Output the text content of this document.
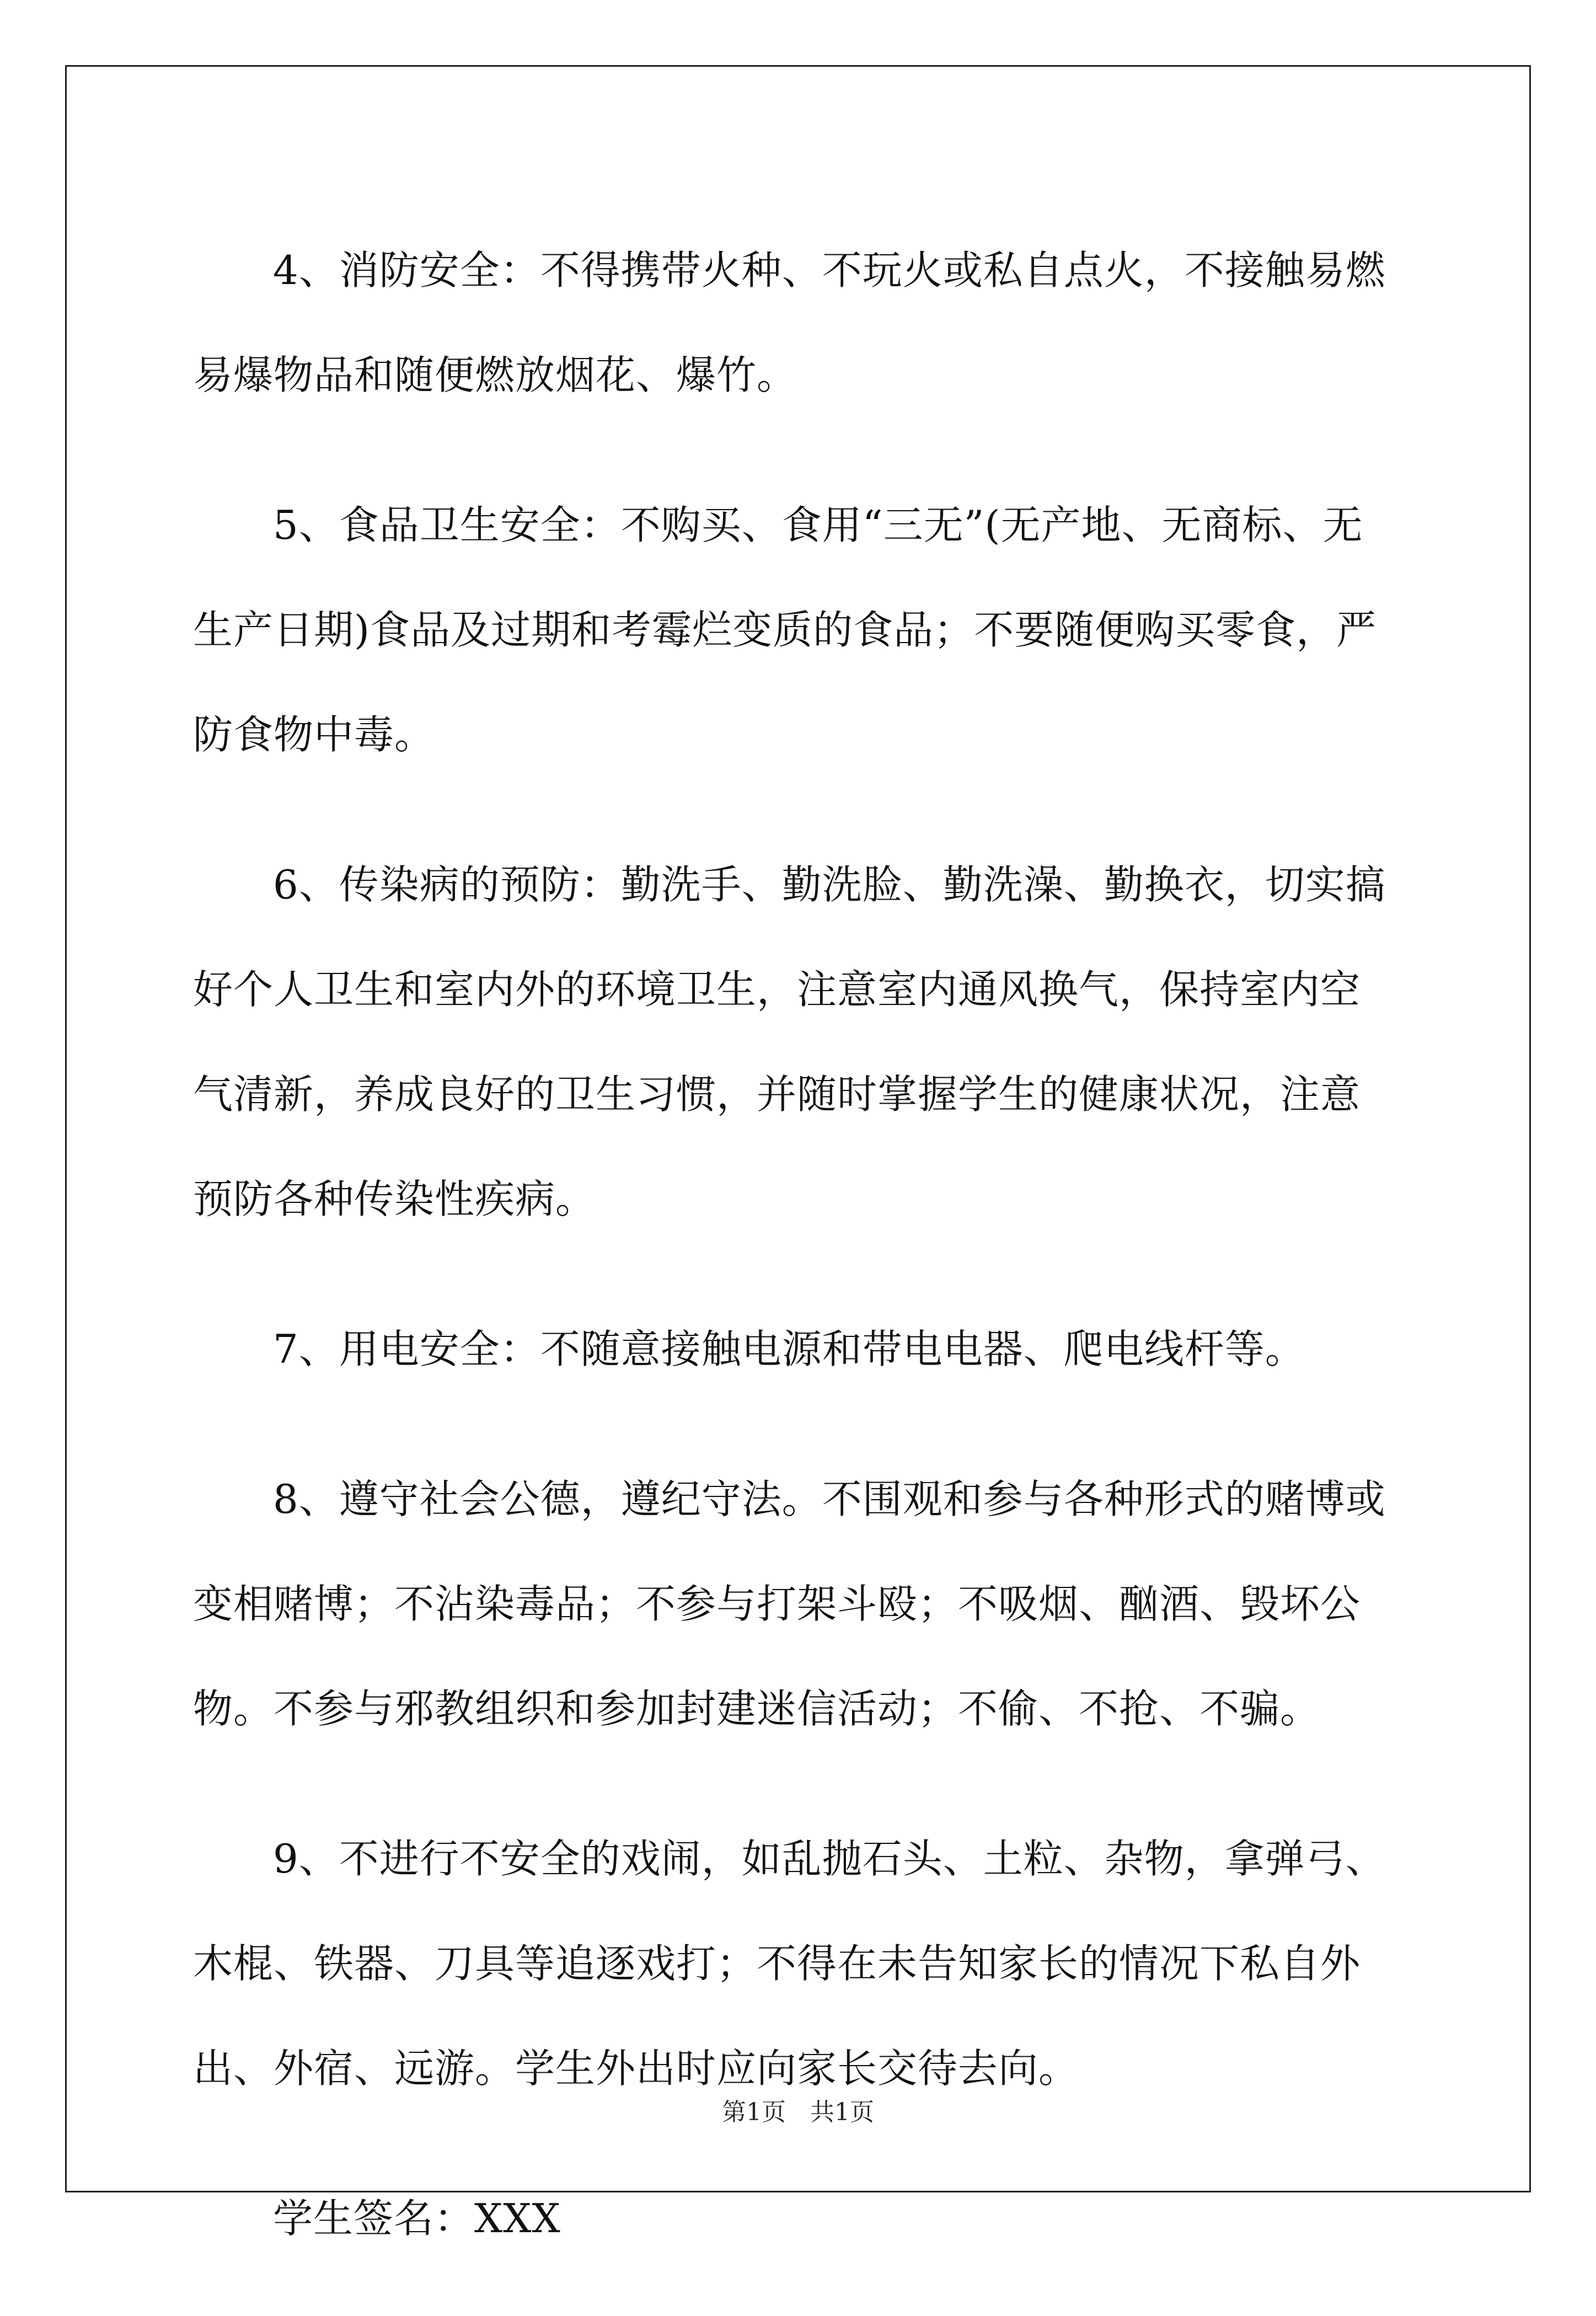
4、消防安全：不得携带火种、不玩火或私自点火，不接触易燃易爆物品和随便燃放烟花、爆竹。

5、食品卫生安全：不购买、食用“三无”(无产地、无商标、无生产日期)食品及过期和考霉烂变质的食品；不要随便购买零食，严防食物中毒。

6、传染病的预防：勤洗手、勤洗脸、勤洗澡、勤换衣，切实搞好个人卫生和室内外的环境卫生，注意室内通风换气，保持室内空气清新，养成良好的卫生习惯，并随时掌握学生的健康状况，注意预防各种传染性疾病。

7、用电安全：不随意接触电源和带电电器、爬电线杆等。

8、遵守社会公德，遵纪守法。不围观和参与各种形式的赌博或变相赌博；不沾染毒品；不参与打架斗殴；不吸烟、酗酒、毁坏公物。不参与邪教组织和参加封建迷信活动；不偷、不抢、不骗。

9、不进行不安全的戏闹，如乱抛石头、土粒、杂物，拿弹弓、木棍、铁器、刀具等追逐戏打；不得在未告知家长的情况下私自外出、外宿、远游。学生外出时应向家长交待去向。

学生签名：XXX

第1页　共1页
